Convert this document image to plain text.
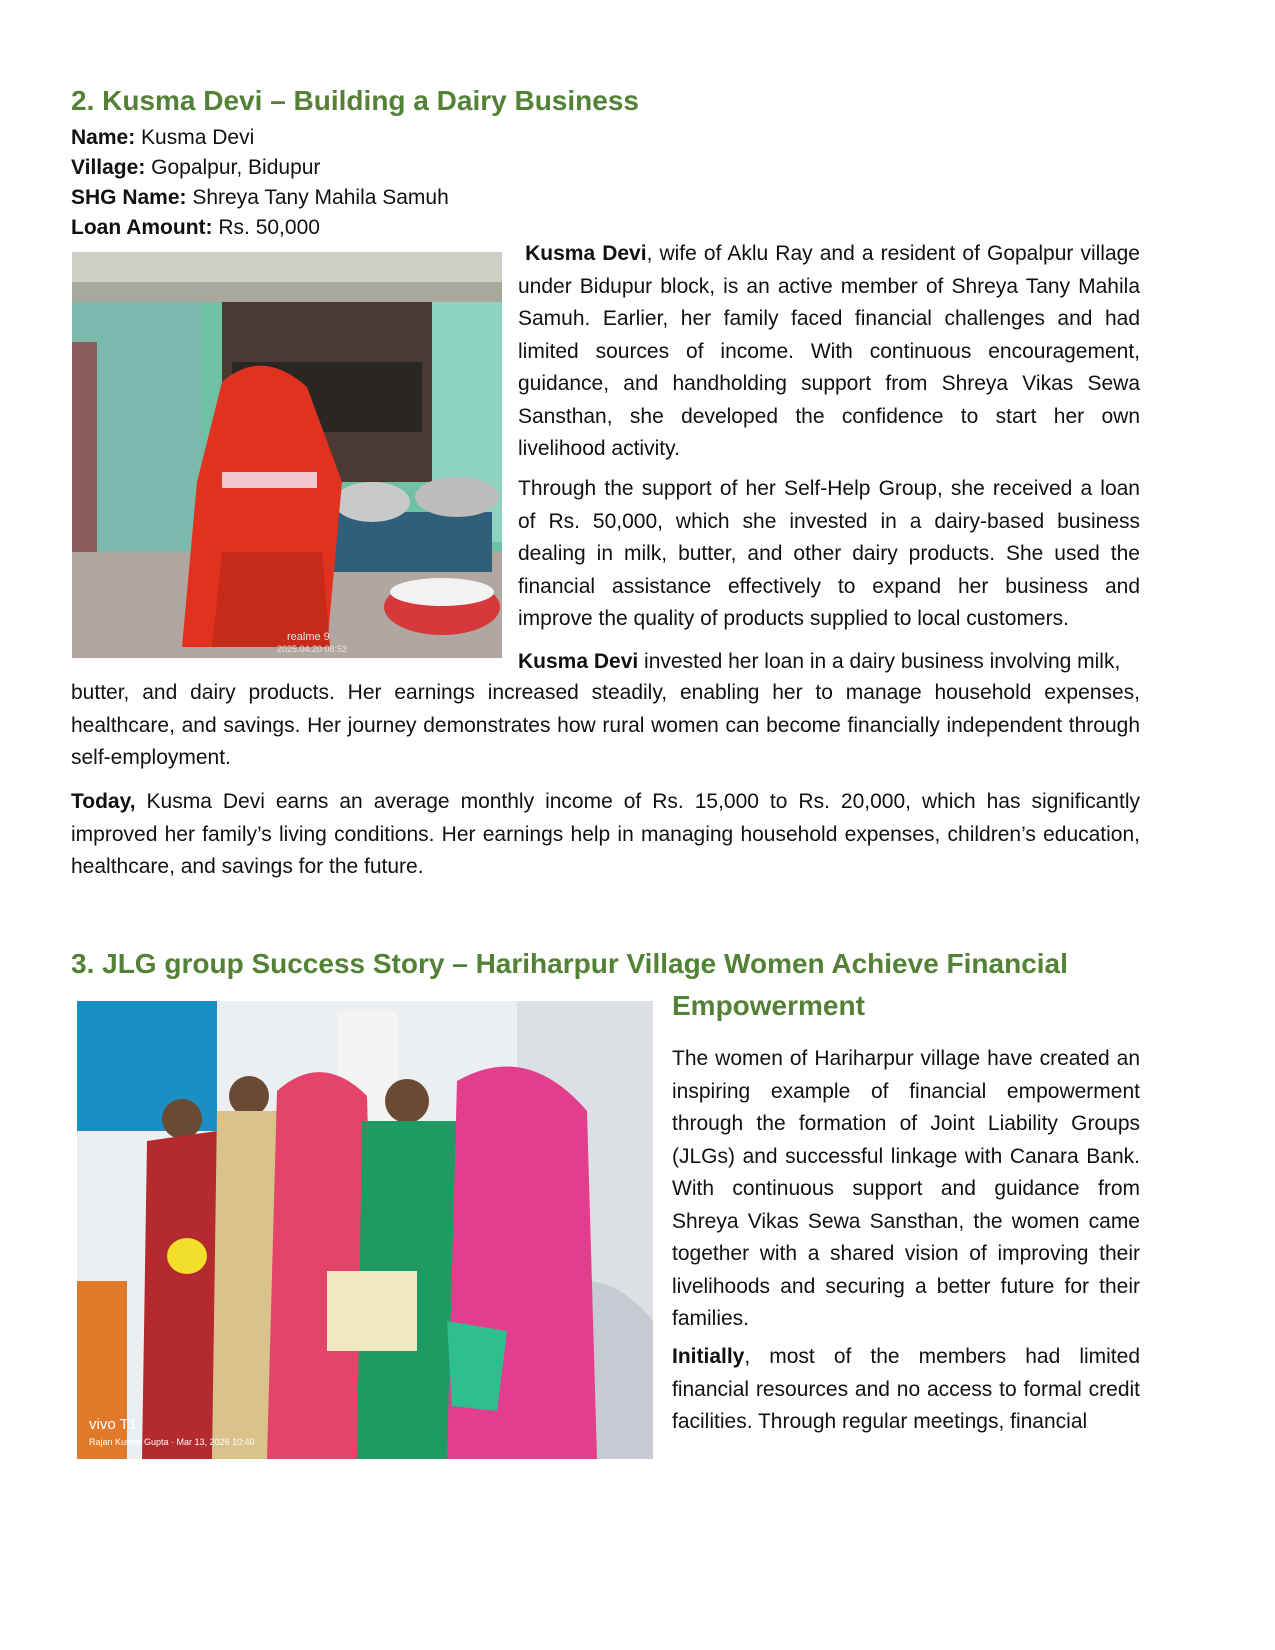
2. Kusma Devi – Building a Dairy Business
Name: Kusma Devi
Village: Gopalpur, Bidupur
SHG Name: Shreya Tany Mahila Samuh
Loan Amount: Rs. 50,000
realme 9
2025.04.20 08:52

Kusma Devi, wife of Aklu Ray and a resident of Gopalpur village under Bidupur block, is an active member of Shreya Tany Mahila Samuh. Earlier, her family faced financial challenges and had limited sources of income. With continuous encouragement, guidance, and handholding support from Shreya Vikas Sewa Sansthan, she developed the confidence to start her own livelihood activity.

Through the support of her Self-Help Group, she received a loan of Rs. 50,000, which she invested in a dairy-based business dealing in milk, butter, and other dairy products. She used the financial assistance effectively to expand her business and improve the quality of products supplied to local customers.

Kusma Devi invested her loan in a dairy business involving milk,

butter, and dairy products. Her earnings increased steadily, enabling her to manage household expenses, healthcare, and savings. Her journey demonstrates how rural women can become financially independent through self-employment.

Today, Kusma Devi earns an average monthly income of Rs. 15,000 to Rs. 20,000, which has significantly improved her family’s living conditions. Her earnings help in managing household expenses, children’s education, healthcare, and savings for the future.

3. JLG group Success Story – Hariharpur Village Women Achieve Financial
Empowerment
vivo T1
Rajan Kumar Gupta · Mar 13, 2026 10:40

The women of Hariharpur village have created an inspiring example of financial empowerment through the formation of Joint Liability Groups (JLGs) and successful linkage with Canara Bank. With continuous support and guidance from Shreya Vikas Sewa Sansthan, the women came together with a shared vision of improving their livelihoods and securing a better future for their families.

Initially, most of the members had limited financial resources and no access to formal credit facilities. Through regular meetings, financial
